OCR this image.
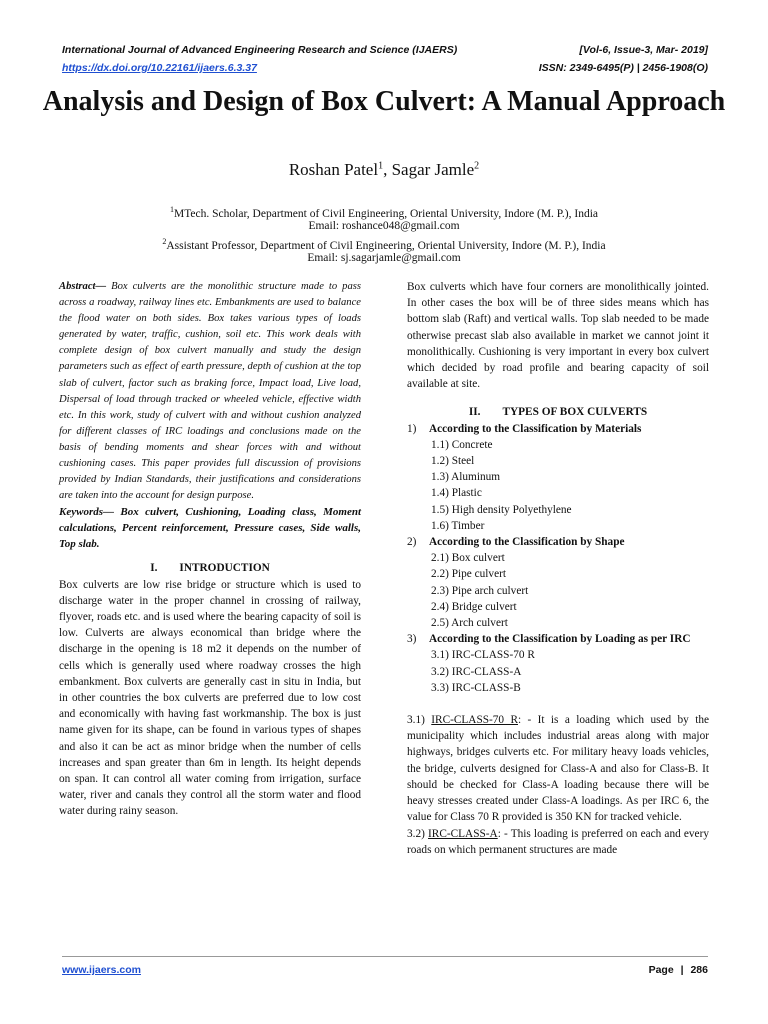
International Journal of Advanced Engineering Research and Science (IJAERS)	[Vol-6, Issue-3, Mar- 2019]
https://dx.doi.org/10.22161/ijaers.6.3.37	ISSN: 2349-6495(P) | 2456-1908(O)
Analysis and Design of Box Culvert: A Manual Approach
Roshan Patel$^1$, Sagar Jamle$^2$
$^1$MTech. Scholar, Department of Civil Engineering, Oriental University, Indore (M. P.), India
Email: roshance048@gmail.com
$^2$Assistant Professor, Department of Civil Engineering, Oriental University, Indore (M. P.), India
Email: sj.sagarjamle@gmail.com

Abstract— Box culverts are the monolithic structure made to pass across a roadway, railway lines etc. Embankments are used to balance the flood water on both sides. Box takes various types of loads generated by water, traffic, cushion, soil etc. This work deals with complete design of box culvert manually and study the design parameters such as effect of earth pressure, depth of cushion at the top slab of culvert, factor such as braking force, Impact load, Live load, Dispersal of load through tracked or wheeled vehicle, effective width etc. In this work, study of culvert with and without cushion analyzed for different classes of IRC loadings and conclusions made on the basis of bending moments and shear forces with and without cushioning cases. This paper provides full discussion of provisions provided by Indian Standards, their justifications and considerations are taken into the account for design purpose.

Keywords— Box culvert, Cushioning, Loading class, Moment calculations, Percent reinforcement, Pressure cases, Side walls, Top slab.

I. INTRODUCTION

Box culverts are low rise bridge or structure which is used to discharge water in the proper channel in crossing of railway, flyover, roads etc. and is used where the bearing capacity of soil is low. Culverts are always economical than bridge where the discharge in the opening is 18 m2 it depends on the number of cells which is generally used where roadway crosses the high embankment. Box culverts are generally cast in situ in India, but in other countries the box culverts are preferred due to low cost and economically with having fast workmanship. The box is just name given for its shape, can be found in various types of shapes and also it can be act as minor bridge when the number of cells increases and span greater than 6m in length. Its height depends on span. It can control all water coming from irrigation, surface water, river and canals they control all the storm water and flood water during rainy season.

Box culverts which have four corners are monolithically jointed. In other cases the box will be of three sides means which has bottom slab (Raft) and vertical walls. Top slab needed to be made otherwise precast slab also available in market we cannot joint it monolithically. Cushioning is very important in every box culvert which decided by road profile and bearing capacity of soil available at site.

II. TYPES OF BOX CULVERTS
1)	According to the Classification by Materials
1.1) Concrete
1.2) Steel
1.3) Aluminum
1.4) Plastic
1.5) High density Polyethylene
1.6) Timber
2)	According to the Classification by Shape
2.1) Box culvert
2.2) Pipe culvert
2.3) Pipe arch culvert
2.4) Bridge culvert
2.5) Arch culvert
3)	According to the Classification by Loading as per IRC
3.1) IRC-CLASS-70 R
3.2) IRC-CLASS-A
3.3) IRC-CLASS-B

3.1) IRC-CLASS-70 R: - It is a loading which used by the municipality which includes industrial areas along with major highways, bridges culverts etc. For military heavy loads vehicles, the bridge, culverts designed for Class-A and also for Class-B. It should be checked for Class-A loading because there will be heavy stresses created under Class-A loadings. As per IRC 6, the value for Class 70 R provided is 350 KN for tracked vehicle.

3.2) IRC-CLASS-A: - This loading is preferred on each and every roads on which permanent structures are made

www.ijaers.com	Page | 286
